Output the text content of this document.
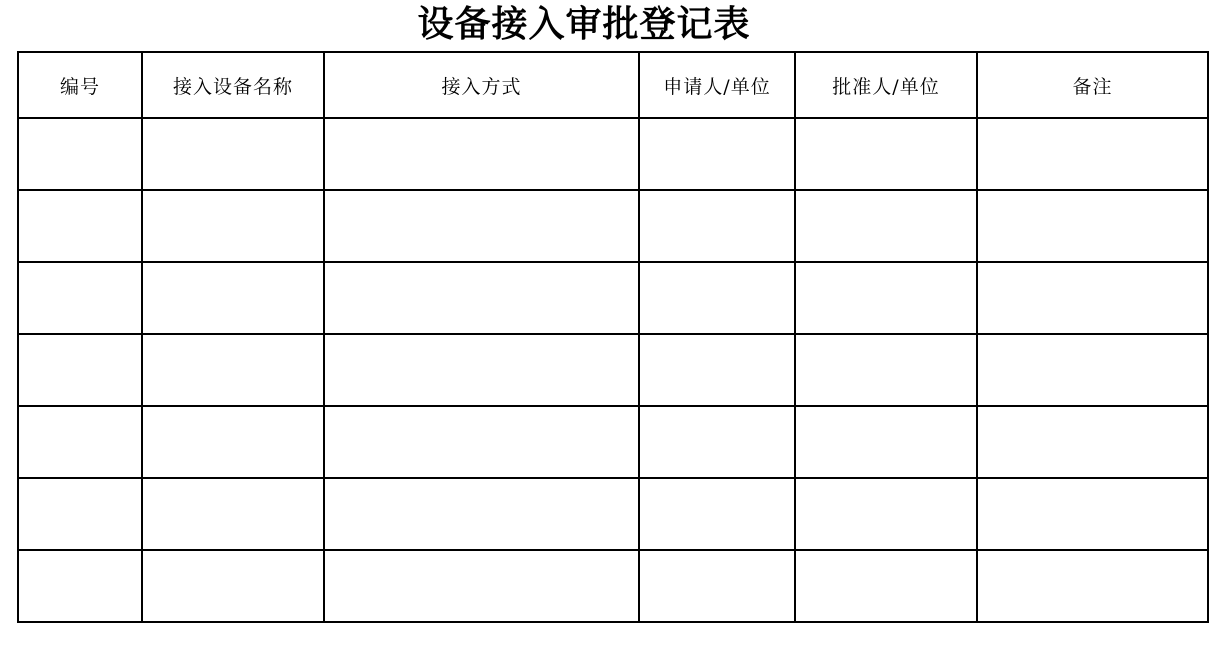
设备接入审批登记表
编号	接入设备名称	接入方式	申请人/单位	批准人/单位	备注
